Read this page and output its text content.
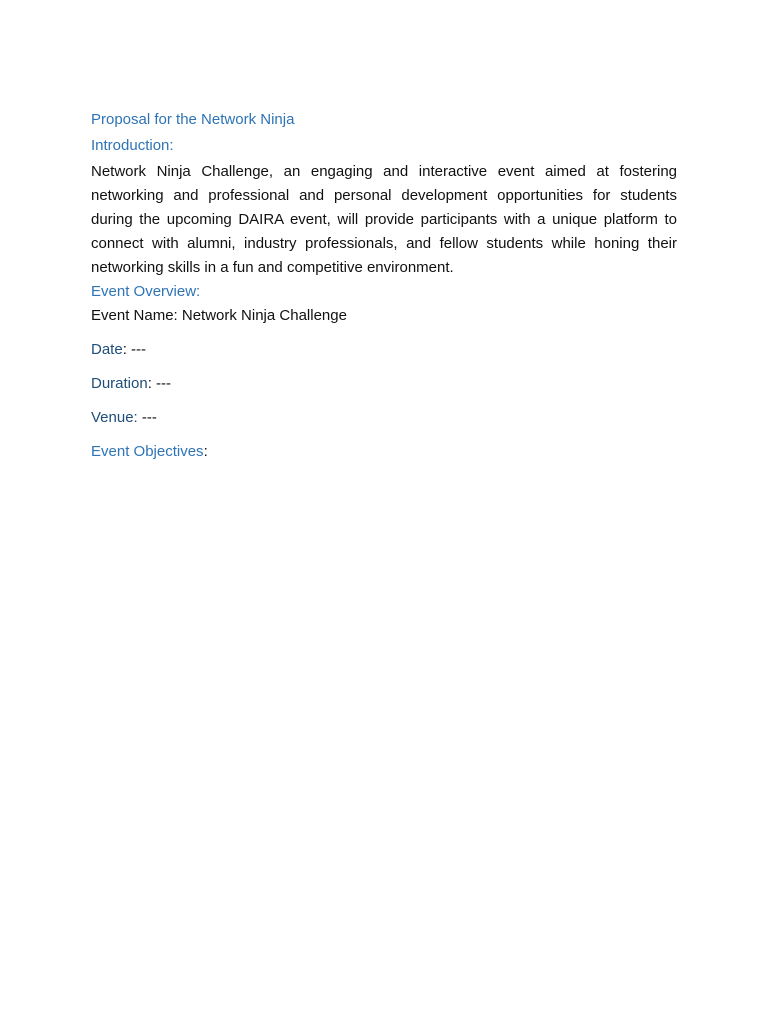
Proposal for the Network Ninja

Introduction:

Network Ninja Challenge, an engaging and interactive event aimed at fostering networking and professional and personal development opportunities for students during the upcoming DAIRA event, will provide participants with a unique platform to connect with alumni, industry professionals, and fellow students while honing their networking skills in a fun and competitive environment.

Event Overview:

Event Name: Network Ninja Challenge

Date: ---

Duration: ---

Venue: ---

Event Objectives:
